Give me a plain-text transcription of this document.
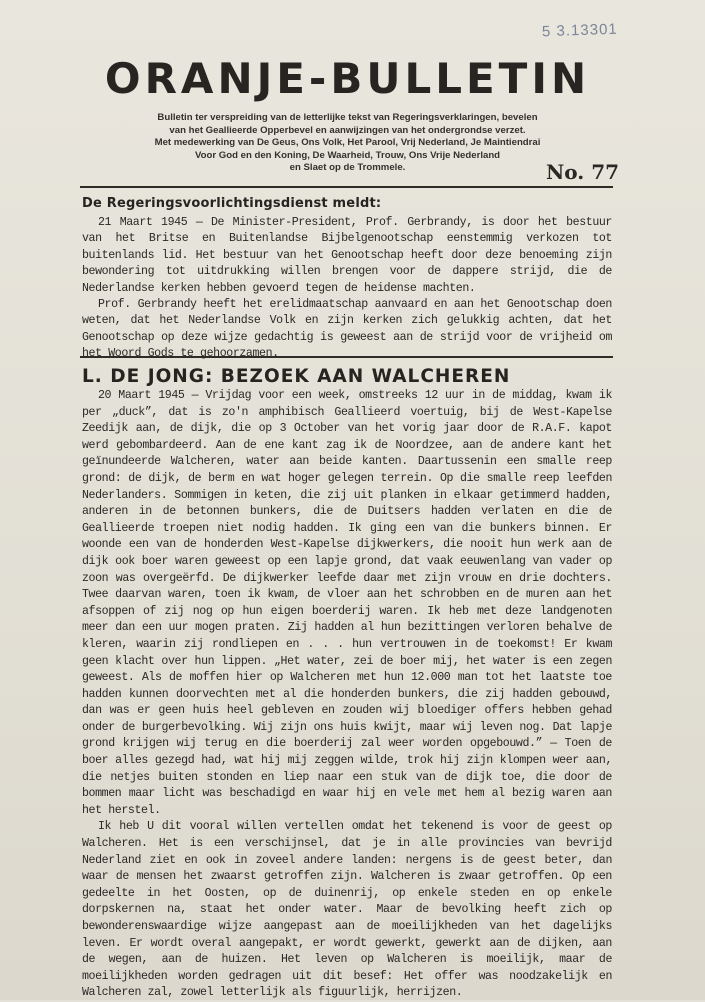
5 3.13301
ORANJE-BULLETIN
Bulletin ter verspreiding van de letterlijke tekst van Regeringsverklaringen, bevelen
van het Geallieerde Opperbevel en aanwijzingen van het ondergrondse verzet.
Met medewerking van De Geus, Ons Volk, Het Parool, Vrij Nederland, Je Maintiendrai
Voor God en den Koning, De Waarheid, Trouw, Ons Vrije Nederland
en Slaet op de Trommele.	No. 77
De Regeringsvoorlichtingsdienst meldt:

21 Maart 1945 — De Minister-President, Prof. Gerbrandy, is door het bestuur van het Britse en Buitenlandse Bijbelgenootschap eenstemmig verkozen tot buitenlands lid. Het bestuur van het Genootschap heeft door deze benoeming zijn bewondering tot uitdrukking willen brengen voor de dappere strijd, die de Nederlandse kerken hebben gevoerd tegen de heidense machten.

Prof. Gerbrandy heeft het erelidmaatschap aanvaard en aan het Genootschap doen weten, dat het Nederlandse Volk en zijn kerken zich gelukkig achten, dat het Genootschap op deze wijze gedachtig is geweest aan de strijd voor de vrijheid om het Woord Gods te gehoorzamen.

L. DE JONG: BEZOEK AAN WALCHEREN

20 Maart 1945 — Vrijdag voor een week, omstreeks 12 uur in de middag, kwam ik per „duck”, dat is zo'n amphibisch Geallieerd voertuig, bij de West-Kapelse Zeedijk aan, de dijk, die op 3 October van het vorig jaar door de R.A.F. kapot werd gebombardeerd. Aan de ene kant zag ik de Noordzee, aan de andere kant het geïnundeerde Walcheren, water aan beide kanten. Daartussenin een smalle reep grond: de dijk, de berm en wat hoger gelegen terrein. Op die smalle reep leefden Nederlanders. Sommigen in keten, die zij uit planken in elkaar getimmerd hadden, anderen in de betonnen bunkers, die de Duitsers hadden verlaten en die de Geallieerde troepen niet nodig hadden. Ik ging een van die bunkers binnen. Er woonde een van de honderden West-Kapelse dijkwerkers, die nooit hun werk aan de dijk ook boer waren geweest op een lapje grond, dat vaak eeuwenlang van vader op zoon was overgeërfd. De dijkwerker leefde daar met zijn vrouw en drie dochters. Twee daarvan waren, toen ik kwam, de vloer aan het schrobben en de muren aan het afsoppen of zij nog op hun eigen boerderij waren. Ik heb met deze landgenoten meer dan een uur mogen praten. Zij hadden al hun bezittingen verloren behalve de kleren, waarin zij rondliepen en . . . hun vertrouwen in de toekomst! Er kwam geen klacht over hun lippen. „Het water, zei de boer mij, het water is een zegen geweest. Als de moffen hier op Walcheren met hun 12.000 man tot het laatste toe hadden kunnen doorvechten met al die honderden bunkers, die zij hadden gebouwd, dan was er geen huis heel gebleven en zouden wij bloediger offers hebben gehad onder de burgerbevolking. Wij zijn ons huis kwijt, maar wij leven nog. Dat lapje grond krijgen wij terug en die boerderij zal weer worden opgebouwd.” — Toen de boer alles gezegd had, wat hij mij zeggen wilde, trok hij zijn klompen weer aan, die netjes buiten stonden en liep naar een stuk van de dijk toe, die door de bommen maar licht was beschadigd en waar hij en vele met hem al bezig waren aan het herstel.

Ik heb U dit vooral willen vertellen omdat het tekenend is voor de geest op Walcheren. Het is een verschijnsel, dat je in alle provincies van bevrijd Nederland ziet en ook in zoveel andere landen: nergens is de geest beter, dan waar de mensen het zwaarst getroffen zijn. Walcheren is zwaar getroffen. Op een gedeelte in het Oosten, op de duinenrij, op enkele steden en op enkele dorpskernen na, staat het onder water. Maar de bevolking heeft zich op bewonderenswaardige wijze aangepast aan de moeilijkheden van het dagelijks leven. Er wordt overal aangepakt, er wordt gewerkt, gewerkt aan de dijken, aan de wegen, aan de huizen. Het leven op Walcheren is moeilijk, maar de moeilijkheden worden gedragen uit dit besef: Het offer was noodzakelijk en Walcheren zal, zowel letterlijk als figuurlijk, herrijzen.
